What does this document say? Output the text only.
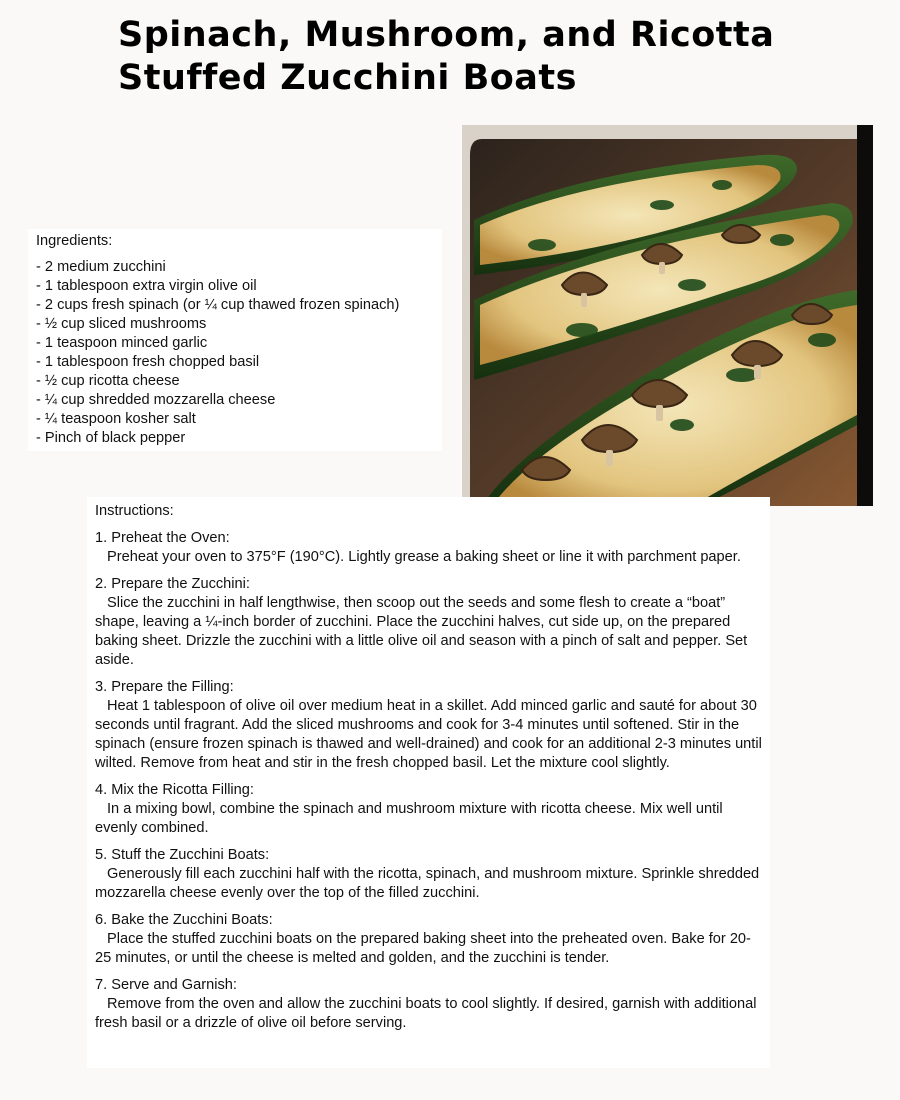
Spinach, Mushroom, and Ricotta Stuffed Zucchini Boats
Ingredients:
- 2 medium zucchini
- 1 tablespoon extra virgin olive oil
- 2 cups fresh spinach (or ¼ cup thawed frozen spinach)
- ½ cup sliced mushrooms
- 1 teaspoon minced garlic
- 1 tablespoon fresh chopped basil
- ½ cup ricotta cheese
- ¼ cup shredded mozzarella cheese
- ¼ teaspoon kosher salt
- Pinch of black pepper
Instructions:
1. Preheat the Oven:
Preheat your oven to 375°F (190°C). Lightly grease a baking sheet or line it with parchment paper.
2. Prepare the Zucchini:
Slice the zucchini in half lengthwise, then scoop out the seeds and some flesh to create a “boat” shape, leaving a ¼-inch border of zucchini. Place the zucchini halves, cut side up, on the prepared baking sheet. Drizzle the zucchini with a little olive oil and season with a pinch of salt and pepper. Set aside.
3. Prepare the Filling:
Heat 1 tablespoon of olive oil over medium heat in a skillet. Add minced garlic and sauté for about 30 seconds until fragrant. Add the sliced mushrooms and cook for 3-4 minutes until softened. Stir in the spinach (ensure frozen spinach is thawed and well-drained) and cook for an additional 2-3 minutes until wilted. Remove from heat and stir in the fresh chopped basil. Let the mixture cool slightly.
4. Mix the Ricotta Filling:
In a mixing bowl, combine the spinach and mushroom mixture with ricotta cheese. Mix well until evenly combined.
5. Stuff the Zucchini Boats:
Generously fill each zucchini half with the ricotta, spinach, and mushroom mixture. Sprinkle shredded mozzarella cheese evenly over the top of the filled zucchini.
6. Bake the Zucchini Boats:
Place the stuffed zucchini boats on the prepared baking sheet into the preheated oven. Bake for 20-25 minutes, or until the cheese is melted and golden, and the zucchini is tender.
7. Serve and Garnish:
Remove from the oven and allow the zucchini boats to cool slightly. If desired, garnish with additional fresh basil or a drizzle of olive oil before serving.
